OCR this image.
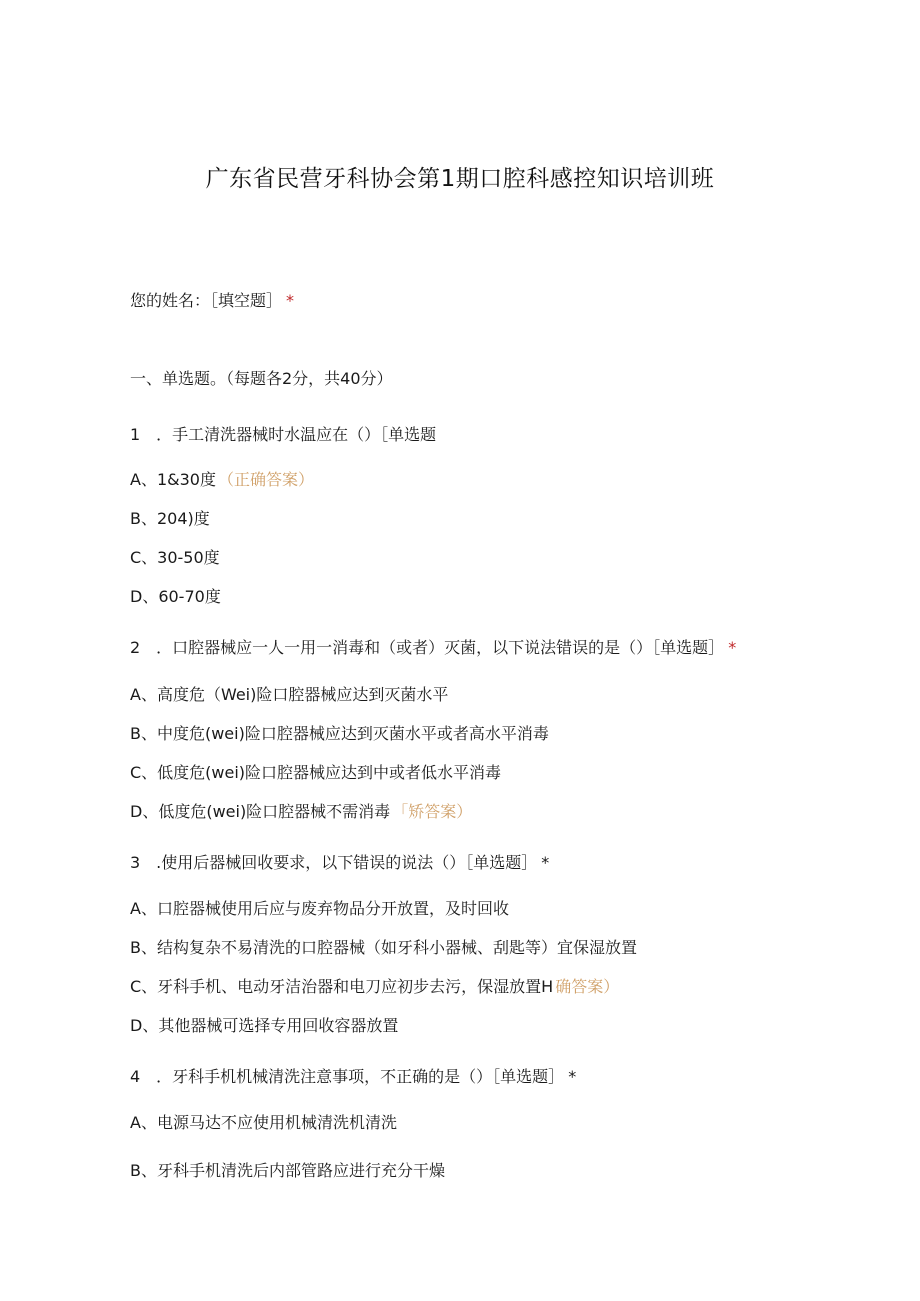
广东省民营牙科协会第1期口腔科感控知识培训班
您的姓名：［填空题］ *
一、单选题。（每题各2分，共40分）
1　．手工清洗器械时水温应在（）［单选题
A、1&30度 （正确答案）
B、204)度
C、30-50度
D、60-70度
2　．口腔器械应一人一用一消毒和（或者）灭菌，以下说法错误的是（）［单选题］ *
A、高度危（Wei)险口腔器械应达到灭菌水平
B、中度危(wei)险口腔器械应达到灭菌水平或者高水平消毒
C、低度危(wei)险口腔器械应达到中或者低水平消毒
D、低度危(wei)险口腔器械不需消毒 「矫答案）
3　.使用后器械回收要求，以下错误的说法（）［单选题］ *
A、口腔器械使用后应与废弃物品分开放置，及时回收
B、结构复杂不易清洗的口腔器械（如牙科小器械、刮匙等）宜保湿放置
C、牙科手机、电动牙洁治器和电刀应初步去污，保湿放置H 确答案）
D、其他器械可选择专用回收容器放置
4　．牙科手机机械清洗注意事项，不正确的是（）［单选题］ *
A、电源马达不应使用机械清洗机清洗
B、牙科手机清洗后内部管路应进行充分干燥
